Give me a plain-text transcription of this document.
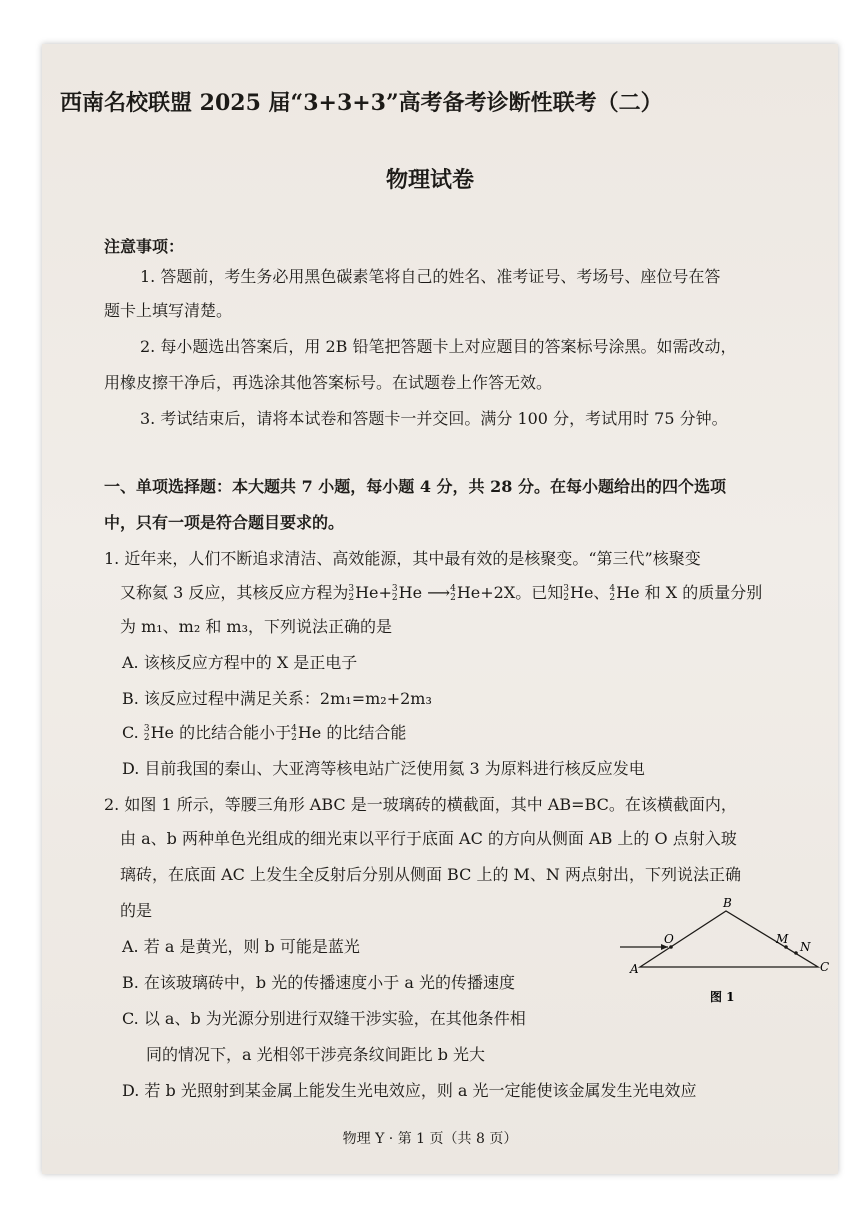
西南名校联盟 2025 届“3+3+3”高考备考诊断性联考（二）
物理试卷
注意事项：
1. 答题前，考生务必用黑色碳素笔将自己的姓名、准考证号、考场号、座位号在答
题卡上填写清楚。
2. 每小题选出答案后，用 2B 铅笔把答题卡上对应题目的答案标号涂黑。如需改动，
用橡皮擦干净后，再选涂其他答案标号。在试题卷上作答无效。
3. 考试结束后，请将本试卷和答题卡一并交回。满分 100 分，考试用时 75 分钟。
一、单项选择题：本大题共 7 小题，每小题 4 分，共 28 分。在每小题给出的四个选项
中，只有一项是符合题目要求的。
1. 近年来，人们不断追求清洁、高效能源，其中最有效的是核聚变。“第三代”核聚变
又称氦 3 反应，其核反应方程为 3
2 He+ 3
2 He ⟶ 4
2 He+2X。已知 3
2 He、 4
2 He 和 X 的质量分别
为 m₁、m₂ 和 m₃，下列说法正确的是
A. 该核反应方程中的 X 是正电子
B. 该反应过程中满足关系：2m₁=m₂+2m₃
C. 3
2 He 的比结合能小于 4
2 He 的比结合能
D. 目前我国的秦山、大亚湾等核电站广泛使用氦 3 为原料进行核反应发电
2. 如图 1 所示，等腰三角形 ABC 是一玻璃砖的横截面，其中 AB=BC。在该横截面内，
由 a、b 两种单色光组成的细光束以平行于底面 AC 的方向从侧面 AB 上的 O 点射入玻
璃砖，在底面 AC 上发生全反射后分别从侧面 BC 上的 M、N 两点射出，下列说法正确
的是
A. 若 a 是黄光，则 b 可能是蓝光
B. 在该玻璃砖中，b 光的传播速度小于 a 光的传播速度
C. 以 a、b 为光源分别进行双缝干涉实验，在其他条件相
同的情况下，a 光相邻干涉亮条纹间距比 b 光大
D. 若 b 光照射到某金属上能发生光电效应，则 a 光一定能使该金属发生光电效应
B
A	C
O	M
N
图 1
物理 Y · 第 1 页（共 8 页）
